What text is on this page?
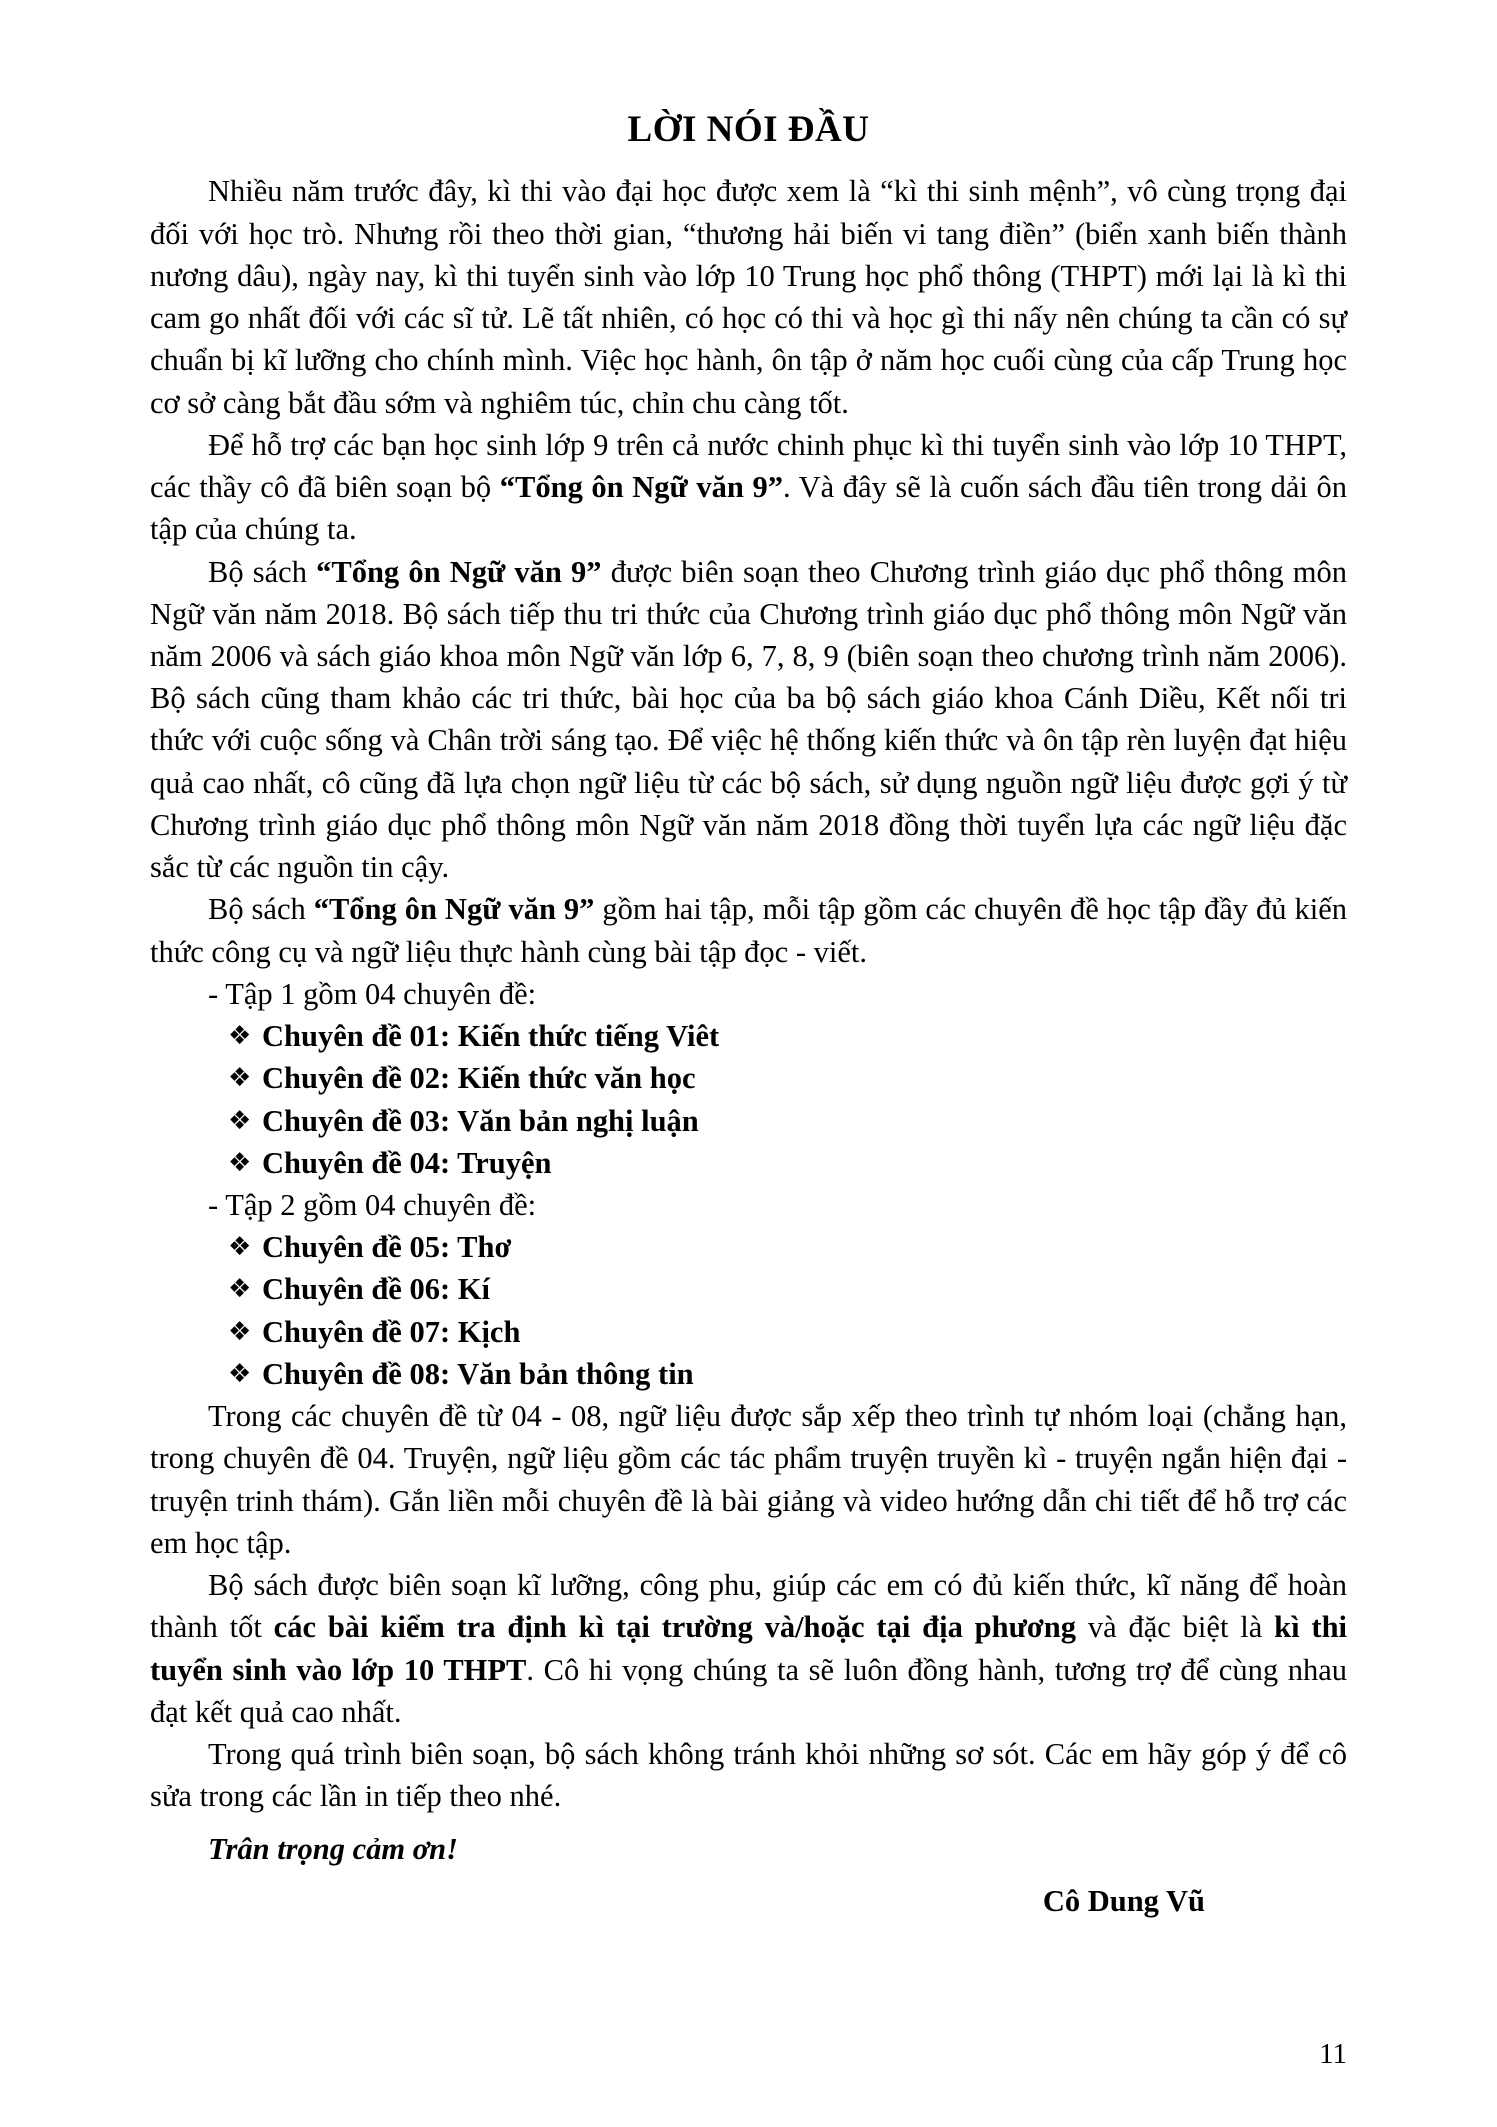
LỜI NÓI ĐẦU

Nhiều năm trước đây, kì thi vào đại học được xem là “kì thi sinh mệnh”, vô cùng trọng đại đối với học trò. Nhưng rồi theo thời gian, “thương hải biến vi tang điền” (biển xanh biến thành nương dâu), ngày nay, kì thi tuyển sinh vào lớp 10 Trung học phổ thông (THPT) mới lại là kì thi cam go nhất đối với các sĩ tử. Lẽ tất nhiên, có học có thi và học gì thi nấy nên chúng ta cần có sự chuẩn bị kĩ lưỡng cho chính mình. Việc học hành, ôn tập ở năm học cuối cùng của cấp Trung học cơ sở càng bắt đầu sớm và nghiêm túc, chỉn chu càng tốt.

Để hỗ trợ các bạn học sinh lớp 9 trên cả nước chinh phục kì thi tuyển sinh vào lớp 10 THPT, các thầy cô đã biên soạn bộ “Tổng ôn Ngữ văn 9”. Và đây sẽ là cuốn sách đầu tiên trong dải ôn tập của chúng ta.

Bộ sách “Tổng ôn Ngữ văn 9” được biên soạn theo Chương trình giáo dục phổ thông môn Ngữ văn năm 2018. Bộ sách tiếp thu tri thức của Chương trình giáo dục phổ thông môn Ngữ văn năm 2006 và sách giáo khoa môn Ngữ văn lớp 6, 7, 8, 9 (biên soạn theo chương trình năm 2006). Bộ sách cũng tham khảo các tri thức, bài học của ba bộ sách giáo khoa Cánh Diều, Kết nối tri thức với cuộc sống và Chân trời sáng tạo. Để việc hệ thống kiến thức và ôn tập rèn luyện đạt hiệu quả cao nhất, cô cũng đã lựa chọn ngữ liệu từ các bộ sách, sử dụng nguồn ngữ liệu được gợi ý từ Chương trình giáo dục phổ thông môn Ngữ văn năm 2018 đồng thời tuyển lựa các ngữ liệu đặc sắc từ các nguồn tin cậy.

Bộ sách “Tổng ôn Ngữ văn 9” gồm hai tập, mỗi tập gồm các chuyên đề học tập đầy đủ kiến thức công cụ và ngữ liệu thực hành cùng bài tập đọc - viết.

- Tập 1 gồm 04 chuyên đề:

❖ Chuyên đề 01: Kiến thức tiếng Viêt

❖ Chuyên đề 02: Kiến thức văn học

❖ Chuyên đề 03: Văn bản nghị luận

❖ Chuyên đề 04: Truyện

- Tập 2 gồm 04 chuyên đề:

❖ Chuyên đề 05: Thơ

❖ Chuyên đề 06: Kí

❖ Chuyên đề 07: Kịch

❖ Chuyên đề 08: Văn bản thông tin

Trong các chuyên đề từ 04 - 08, ngữ liệu được sắp xếp theo trình tự nhóm loại (chẳng hạn, trong chuyên đề 04. Truyện, ngữ liệu gồm các tác phẩm truyện truyền kì - truyện ngắn hiện đại - truyện trinh thám). Gắn liền mỗi chuyên đề là bài giảng và video hướng dẫn chi tiết để hỗ trợ các em học tập.

Bộ sách được biên soạn kĩ lưỡng, công phu, giúp các em có đủ kiến thức, kĩ năng để hoàn thành tốt các bài kiểm tra định kì tại trường và/hoặc tại địa phương và đặc biệt là kì thi tuyển sinh vào lớp 10 THPT. Cô hi vọng chúng ta sẽ luôn đồng hành, tương trợ để cùng nhau đạt kết quả cao nhất.

Trong quá trình biên soạn, bộ sách không tránh khỏi những sơ sót. Các em hãy góp ý để cô sửa trong các lần in tiếp theo nhé.

Trân trọng cảm ơn!

Cô Dung Vũ

11
